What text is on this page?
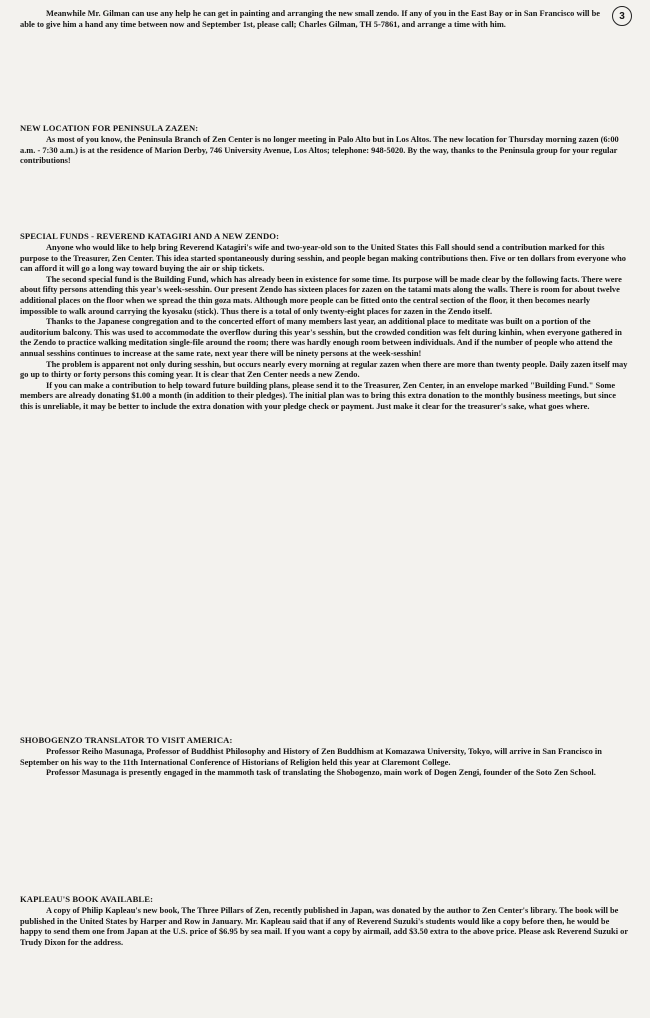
3

Meanwhile Mr. Gilman can use any help he can get in painting and arranging the new small zendo. If any of you in the East Bay or in San Francisco will be able to give him a hand any time between now and September 1st, please call; Charles Gilman, TH 5-7861, and arrange a time with him.

NEW LOCATION FOR PENINSULA ZAZEN:

As most of you know, the Peninsula Branch of Zen Center is no longer meeting in Palo Alto but in Los Altos. The new location for Thursday morning zazen (6:00 a.m. - 7:30 a.m.) is at the residence of Marion Derby, 746 University Avenue, Los Altos; telephone: 948-5020. By the way, thanks to the Peninsula group for your regular contributions!

SPECIAL FUNDS - REVEREND KATAGIRI AND A NEW ZENDO:

Anyone who would like to help bring Reverend Katagiri's wife and two-year-old son to the United States this Fall should send a contribution marked for this purpose to the Treasurer, Zen Center. This idea started spontaneously during sesshin, and people began making contributions then. Five or ten dollars from everyone who can afford it will go a long way toward buying the air or ship tickets.

The second special fund is the Building Fund, which has already been in existence for some time. Its purpose will be made clear by the following facts. There were about fifty persons attending this year's week-sesshin. Our present Zendo has sixteen places for zazen on the tatami mats along the walls. There is room for about twelve additional places on the floor when we spread the thin goza mats. Although more people can be fitted onto the central section of the floor, it then becomes nearly impossible to walk around carrying the kyosaku (stick). Thus there is a total of only twenty-eight places for zazen in the Zendo itself.

Thanks to the Japanese congregation and to the concerted effort of many members last year, an additional place to meditate was built on a portion of the auditorium balcony. This was used to accommodate the overflow during this year's sesshin, but the crowded condition was felt during kinhin, when everyone gathered in the Zendo to practice walking meditation single-file around the room; there was hardly enough room between individuals. And if the number of people who attend the annual sesshins continues to increase at the same rate, next year there will be ninety persons at the week-sesshin!

The problem is apparent not only during sesshin, but occurs nearly every morning at regular zazen when there are more than twenty people. Daily zazen itself may go up to thirty or forty persons this coming year. It is clear that Zen Center needs a new Zendo.

If you can make a contribution to help toward future building plans, please send it to the Treasurer, Zen Center, in an envelope marked "Building Fund." Some members are already donating $1.00 a month (in addition to their pledges). The initial plan was to bring this extra donation to the monthly business meetings, but since this is unreliable, it may be better to include the extra donation with your pledge check or payment. Just make it clear for the treasurer's sake, what goes where.

SHOBOGENZO TRANSLATOR TO VISIT AMERICA:

Professor Reiho Masunaga, Professor of Buddhist Philosophy and History of Zen Buddhism at Komazawa University, Tokyo, will arrive in San Francisco in September on his way to the 11th International Conference of Historians of Religion held this year at Claremont College.

Professor Masunaga is presently engaged in the mammoth task of translating the Shobogenzo, main work of Dogen Zengi, founder of the Soto Zen School.

KAPLEAU'S BOOK AVAILABLE:

A copy of Philip Kapleau's new book, The Three Pillars of Zen, recently published in Japan, was donated by the author to Zen Center's library. The book will be published in the United States by Harper and Row in January. Mr. Kapleau said that if any of Reverend Suzuki's students would like a copy before then, he would be happy to send them one from Japan at the U.S. price of $6.95 by sea mail. If you want a copy by airmail, add $3.50 extra to the above price. Please ask Reverend Suzuki or Trudy Dixon for the address.
